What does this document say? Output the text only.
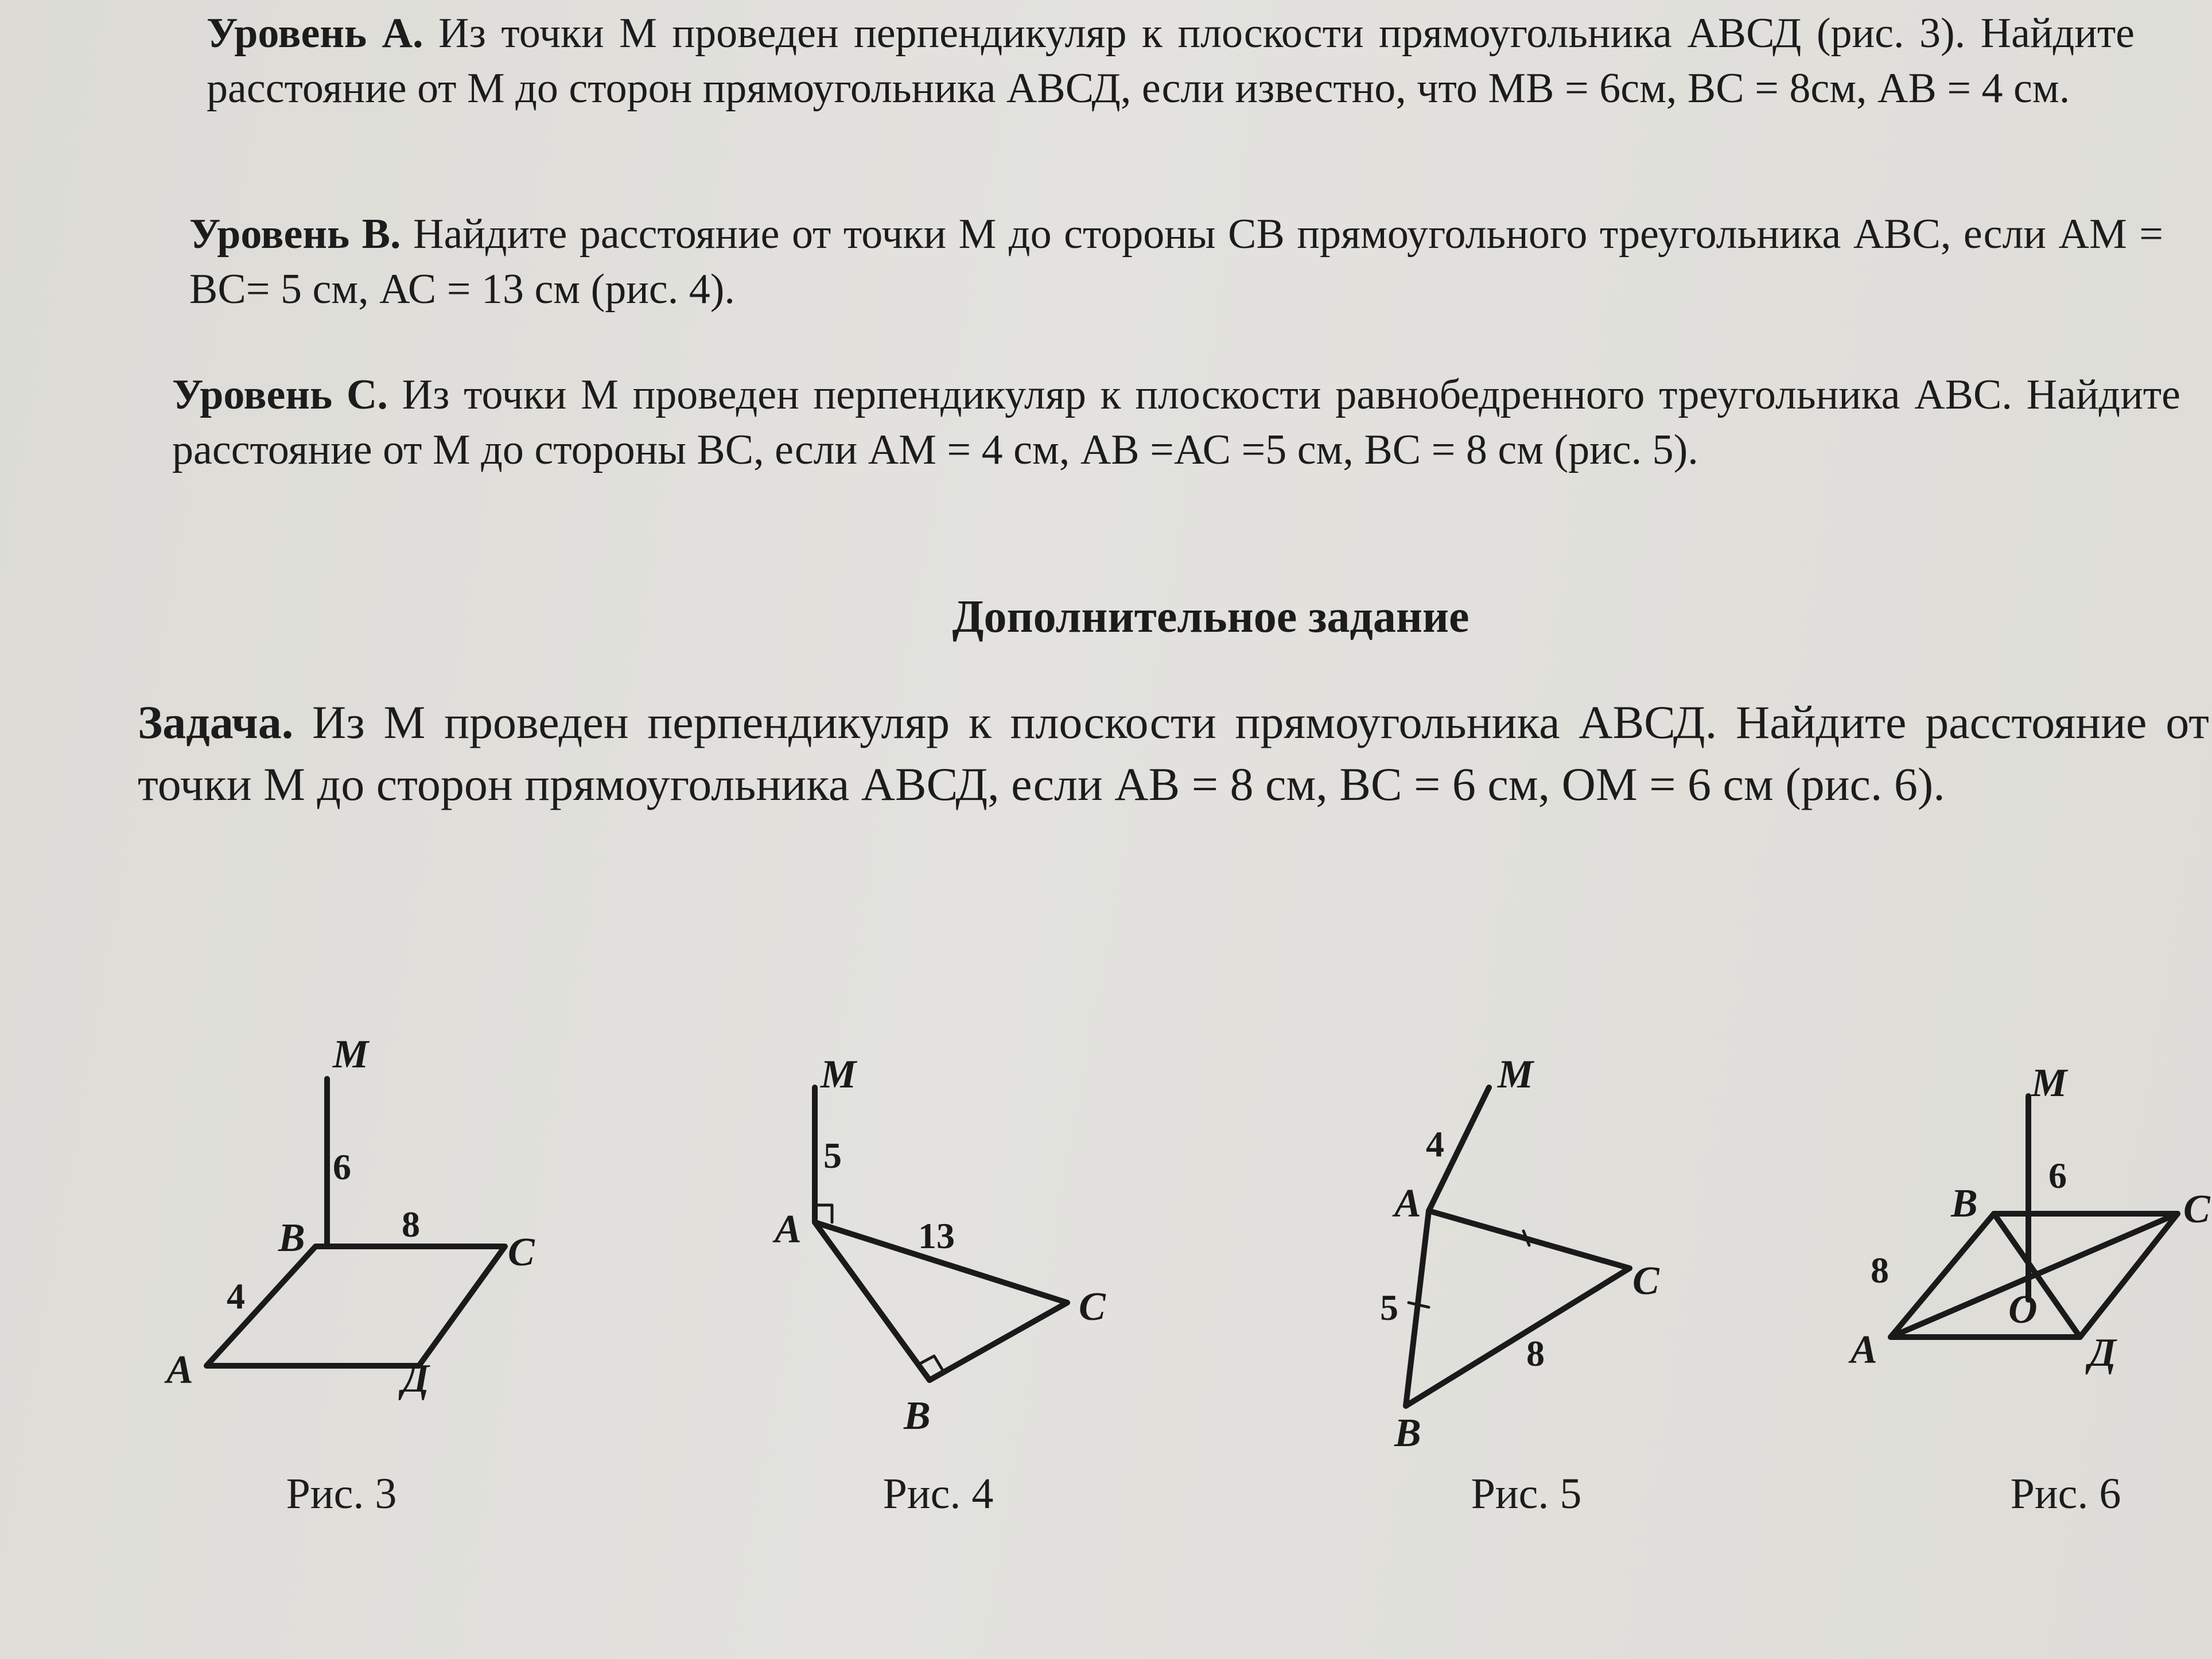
Уровень А. Из точки М проведен перпендикуляр к плоскости прямоугольника АВСД (рис. 3). Найдите расстояние от М до сторон прямоугольника АВСД, если известно, что МВ = 6см, ВС = 8см, АВ = 4 см.

Уровень В. Найдите расстояние от точки М до стороны СВ прямоугольного треугольника АВС, если АМ = ВС= 5 см, АС = 13 см (рис. 4).

Уровень С. Из точки М проведен перпендикуляр к плоскости равнобедренного треугольника АВС. Найдите расстояние от М до стороны ВС, если АМ = 4 см, АВ =АС =5 см, ВС = 8 см (рис. 5).

Дополнительное задание

Задача. Из М проведен перпендикуляр к плоскости прямоугольника АВСД. Найдите расстояние от точки М до сторон прямоугольника АВСД, если АВ = 8 см, ВС = 6 см, ОМ = 6 см (рис. 6).

M
6
B	8
C
4
A	Д
Рис. 3
M
5
A	13
C
B
Рис. 4
M
4
A
5
C
8
B
Рис. 5
M
6
B	C
8
O
A	Д
Рис. 6
